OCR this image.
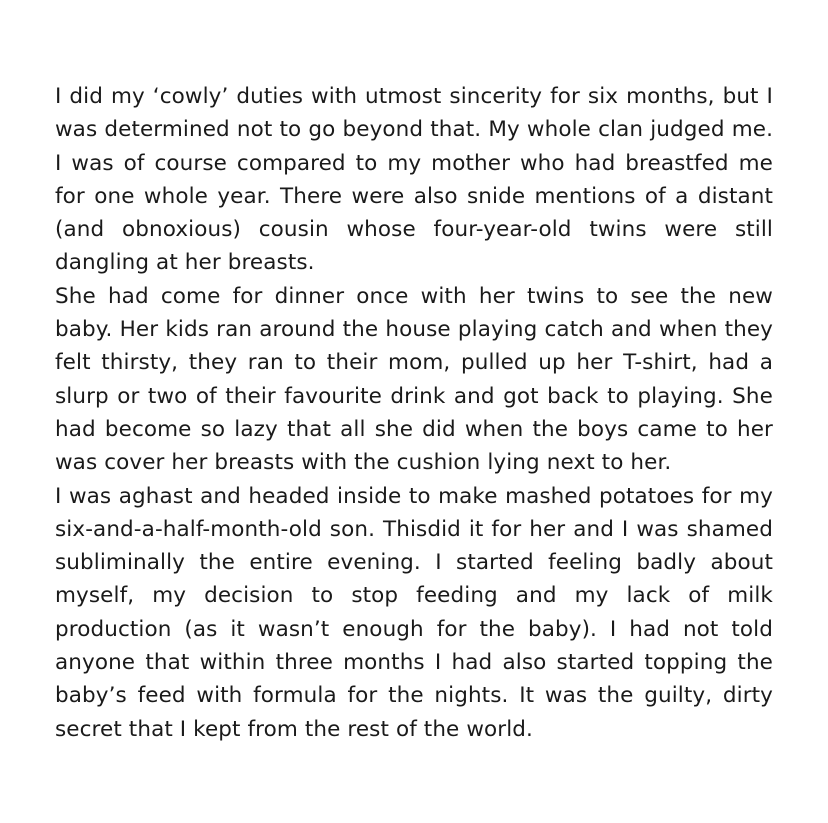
I did my ‘cowly’ duties with utmost sincerity for six months, but I was determined not to go beyond that. My whole clan judged me. I was of course compared to my mother who had breastfed me for one whole year. There were also snide mentions of a distant (and obnoxious) cousin whose four-year-old twins were still dangling at her breasts.

She had come for dinner once with her twins to see the new baby. Her kids ran around the house playing catch and when they felt thirsty, they ran to their mom, pulled up her T-shirt, had a slurp or two of their favourite drink and got back to playing. She had become so lazy that all she did when the boys came to her was cover her breasts with the cushion lying next to her.

I was aghast and headed inside to make mashed potatoes for my six-and-a-half-month-old son. Thisdid it for her and I was shamed subliminally the entire evening. I started feeling badly about myself, my decision to stop feeding and my lack of milk production (as it wasn’t enough for the baby). I had not told anyone that within three months I had also started topping the baby’s feed with formula for the nights. It was the guilty, dirty secret that I kept from the rest of the world.
